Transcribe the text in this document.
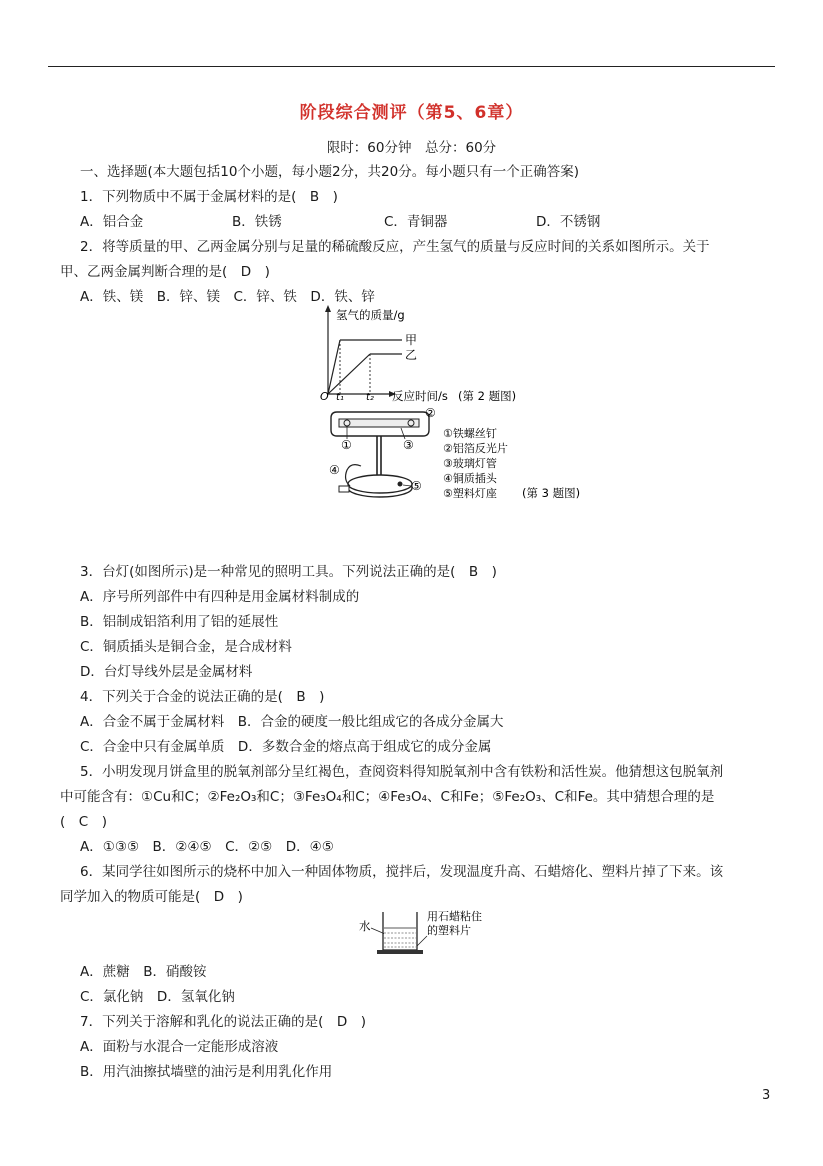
阶段综合测评（第5、6章）
限时：60分钟　总分：60分
一、选择题(本大题包括10个小题，每小题2分，共20分。每小题只有一个正确答案)
1．下列物质中不属于金属材料的是(　B　)
A．铝合金	B．铁锈	C．青铜器	D．不锈钢
2．将等质量的甲、乙两金属分别与足量的稀硫酸反应，产生氢气的质量与反应时间的关系如图所示。关于
甲、乙两金属判断合理的是(　D　)
A．铁、镁　B．锌、镁　C．锌、铁　D．铁、锌
氢气的质量/g
甲
乙
O t₁ t₂ 反应时间/s (第 2 题图)
①
②
③
④
⑤
①铁螺丝钉
②铝箔反光片
③玻璃灯管
④铜质插头
⑤塑料灯座 (第 3 题图)
3．台灯(如图所示)是一种常见的照明工具。下列说法正确的是(　B　)
A．序号所列部件中有四种是用金属材料制成的
B．铝制成铝箔利用了铝的延展性
C．铜质插头是铜合金，是合成材料
D．台灯导线外层是金属材料
4．下列关于合金的说法正确的是(　B　)
A．合金不属于金属材料　B．合金的硬度一般比组成它的各成分金属大
C．合金中只有金属单质　D．多数合金的熔点高于组成它的成分金属
5．小明发现月饼盒里的脱氧剂部分呈红褐色，查阅资料得知脱氧剂中含有铁粉和活性炭。他猜想这包脱氧剂
中可能含有：①Cu和C；②Fe₂O₃和C；③Fe₃O₄和C；④Fe₃O₄、C和Fe；⑤Fe₂O₃、C和Fe。其中猜想合理的是
(　C　)
A．①③⑤　B．②④⑤　C．②⑤　D．④⑤
6．某同学往如图所示的烧杯中加入一种固体物质，搅拌后，发现温度升高、石蜡熔化、塑料片掉了下来。该
同学加入的物质可能是(　D　)
水
用石蜡粘住
的塑料片
A．蔗糖　B．硝酸铵
C．氯化钠　D．氢氧化钠
7．下列关于溶解和乳化的说法正确的是(　D　)
A．面粉与水混合一定能形成溶液
B．用汽油擦拭墙壁的油污是利用乳化作用
3
